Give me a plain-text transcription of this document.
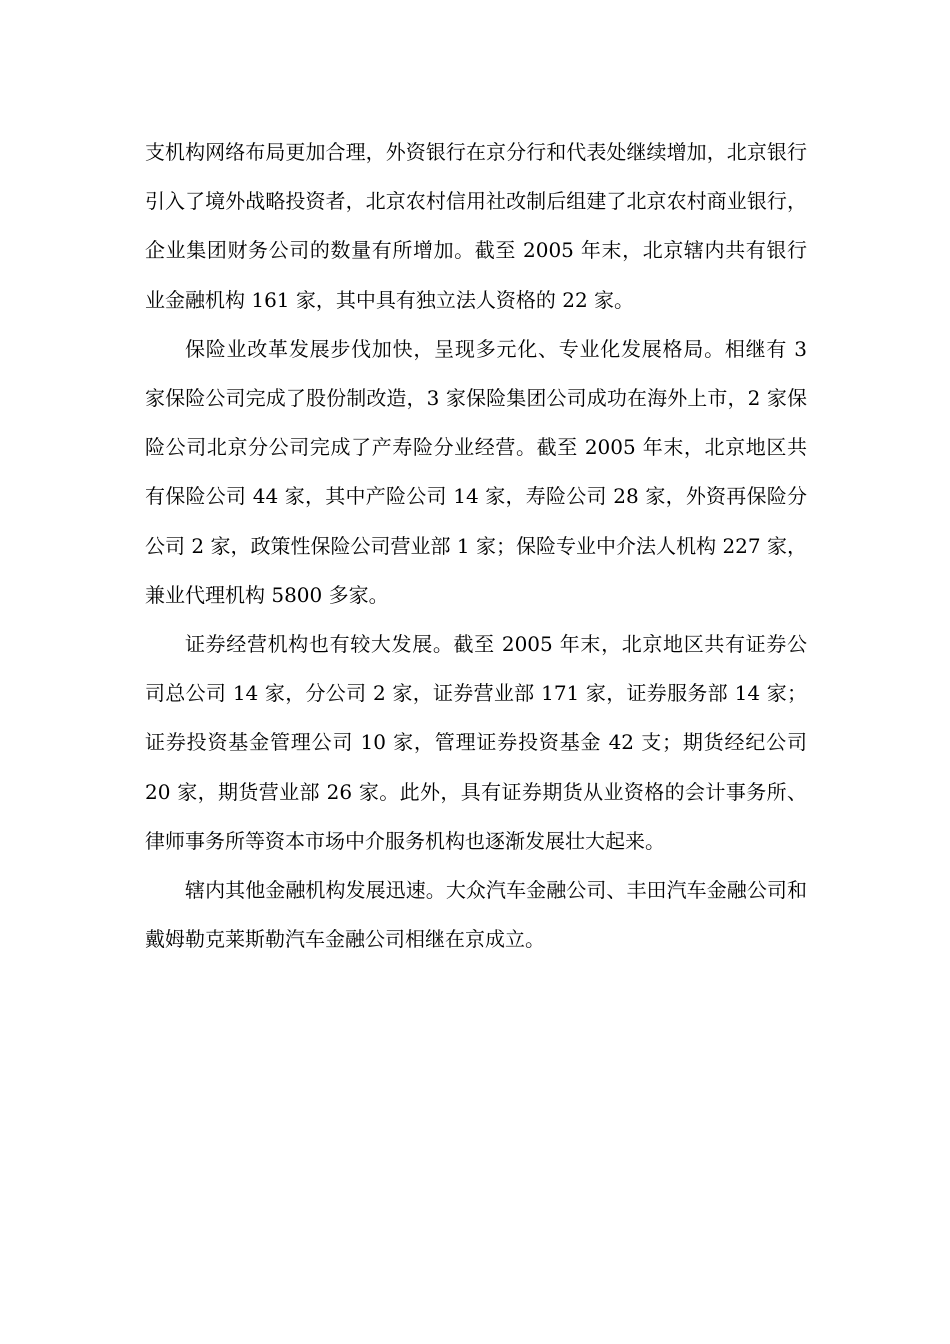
支机构网络布局更加合理，外资银行在京分行和代表处继续增加，北京银行引入了境外战略投资者，北京农村信用社改制后组建了北京农村商业银行，企业集团财务公司的数量有所增加。截至 2005 年末，北京辖内共有银行业金融机构 161 家，其中具有独立法人资格的 22 家。

保险业改革发展步伐加快，呈现多元化、专业化发展格局。相继有 3 家保险公司完成了股份制改造，3 家保险集团公司成功在海外上市，2 家保险公司北京分公司完成了产寿险分业经营。截至 2005 年末，北京地区共有保险公司 44 家，其中产险公司 14 家，寿险公司 28 家，外资再保险分公司 2 家，政策性保险公司营业部 1 家；保险专业中介法人机构 227 家，兼业代理机构 5800 多家。

证券经营机构也有较大发展。截至 2005 年末，北京地区共有证券公司总公司 14 家，分公司 2 家，证券营业部 171 家，证券服务部 14 家；证券投资基金管理公司 10 家，管理证券投资基金 42 支；期货经纪公司 20 家，期货营业部 26 家。此外，具有证券期货从业资格的会计事务所、律师事务所等资本市场中介服务机构也逐渐发展壮大起来。

辖内其他金融机构发展迅速。大众汽车金融公司、丰田汽车金融公司和戴姆勒克莱斯勒汽车金融公司相继在京成立。
